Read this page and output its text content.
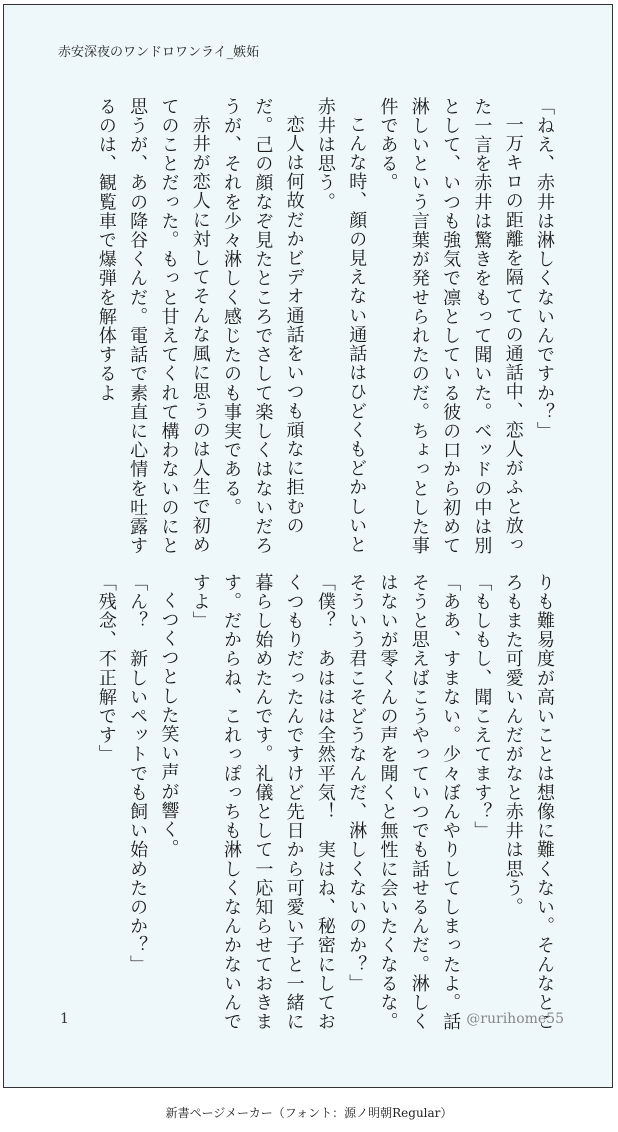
赤安深夜のワンドロワンライ_嫉妬

「ねえ、赤井は淋しくないんですか？」

一万キロの距離を隔てての通話中、恋人がふと放った一言を赤井は驚きをもって聞いた。ベッドの中は別として、いつも強気で凛としている彼の口から初めて淋しいという言葉が発せられたのだ。ちょっとした事件である。

こんな時、顔の見えない通話はひどくもどかしいと赤井は思う。

恋人は何故だかビデオ通話をいつも頑なに拒むのだ。己の顔なぞ見たところでさして楽しくはないだろうが、それを少々淋しく感じたのも事実である。

赤井が恋人に対してそんな風に思うのは人生で初めてのことだった。もっと甘えてくれて構わないのにと思うが、あの降谷くんだ。電話で素直に心情を吐露するのは、観覧車で爆弾を解体するよ

りも難易度が高いことは想像に難くない。そんなところもまた可愛いんだがなと赤井は思う。

「もしもし、聞こえてます？」

「ああ、すまない。少々ぼんやりしてしまったよ。話そうと思えばこうやっていつでも話せるんだ。淋しくはないが零くんの声を聞くと無性に会いたくなるな。そういう君こそどうなんだ、淋しくないのか？」

「僕？　あははは全然平気！　実はね、秘密にしておくつもりだったんですけど先日から可愛い子と一緒に暮らし始めたんです。礼儀として一応知らせておきます。だからね、これっぽっちも淋しくなんかないんですよ」

くつくつとした笑い声が響く。

「ん？　新しいペットでも飼い始めたのか？」

「残念、不正解です」

1	@rurihome55
新書ページメーカー（フォント：源ノ明朝Regular）
